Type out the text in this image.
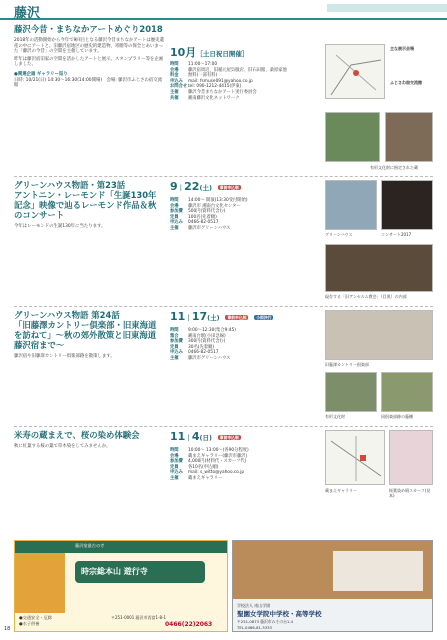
藤沢
藤沢今昔・まちなかアートめぐり2018
2018年の活動開始から今年で9回目となる藤沢今昔まちなかアートは歴史遺産の中にアートと、旧藤沢宿地区の歴史的建造物、寄贈等の保全とあいまった「藤沢の今昔」の空間を主催しています。
昨年は藤沢宿旧家の空間を活かしたアートと展示、スタンプラリー等を企画しました。
●関連企画 ギャラリー巡り
日時: 10/21(日) 14:30〜16:30(14:00開場)　会場: 藤沢市ふじさわ宿交流館
10月［土日祝日開催］
時間	11:00〜17:00
会場	藤沢宿周辺、旧稲元屋呉服店、旧石田館、桑原家他
料金	無料(一部有料)
申込み	mail: fsmuse091@yahoo.co.jp
お問合せ tel: 090-1212-4415(伊東)
主催	藤沢今昔まちなかアート実行委員会
共催	湘南藤沢文化ネットワーク
主な展示会場
ふじさわ宿交流館
有形文化財に指定された蔵
グリーンハウス物語・第23話
アントニン・レーモンド「生誕130年記念」映像で辿るレーモンド作品＆秋のコンサート
今年はレーモンドの生誕130年に当たります。
9｜22(土) 事前申込制
時間	14:00〜 開演(13:30受付開始)
会場	藤沢市 湘南台文化センター
参加費	500円(資料代含む)
定員	100名(先着順)
申込み	0466-82-0517
主催	藤沢市グリーンハウス
グリーンハウス	コンサート2017
現存する「旧アンセルム教会」（目黒）の内部
グリーンハウス物語 第24話
「旧藤澤カントリー倶楽部・旧東海道を訪ねて」〜秋の郊外散策と旧東海道藤沢宿まで〜
藤沢宿や旧藤澤カントリー倶楽部跡を散策します。
11｜17(土) 事前申込制	小雨決行
時間	9:00〜12:30(集合9:45)
集合	湘南台駅(小田急線)
参加費	300円(資料代含む)
定員	30名(先着順)
申込み	0466-82-0517
主催	藤沢市グリーンハウス
旧藤澤カントリー倶楽部
有形文化財	同倶楽部跡の藤棚
米寿の蔵まえで、桜の染め体験会
秋に紅葉する桜の葉で草木染をしてみませんか。
11｜4(日) 事前申込制
時間	10:00〜 13:00〜(各90分程度)
会場	蔵まえギャラリー(藤沢市藤沢)
参加費	4,000円(材料代・スカーフ代)
定員	各10名(申込順)
申込み	mail: s_witto@yahoo.co.jp
主催	蔵まえギャラリー
蔵まえギャラリー	桜葉染め絹スカーフ(見本)
藤沢宿最古の寺
時宗総本山 遊行寺
●交通安全・厄除
●水子供養
〒251-0001 藤沢市西富1-8-1
0466(22)2063
学校法人 南山学園
聖園女学院中学校・高等学校
〒251-0873 藤沢市みその台1-4
TEL.0466-81-3333
18
